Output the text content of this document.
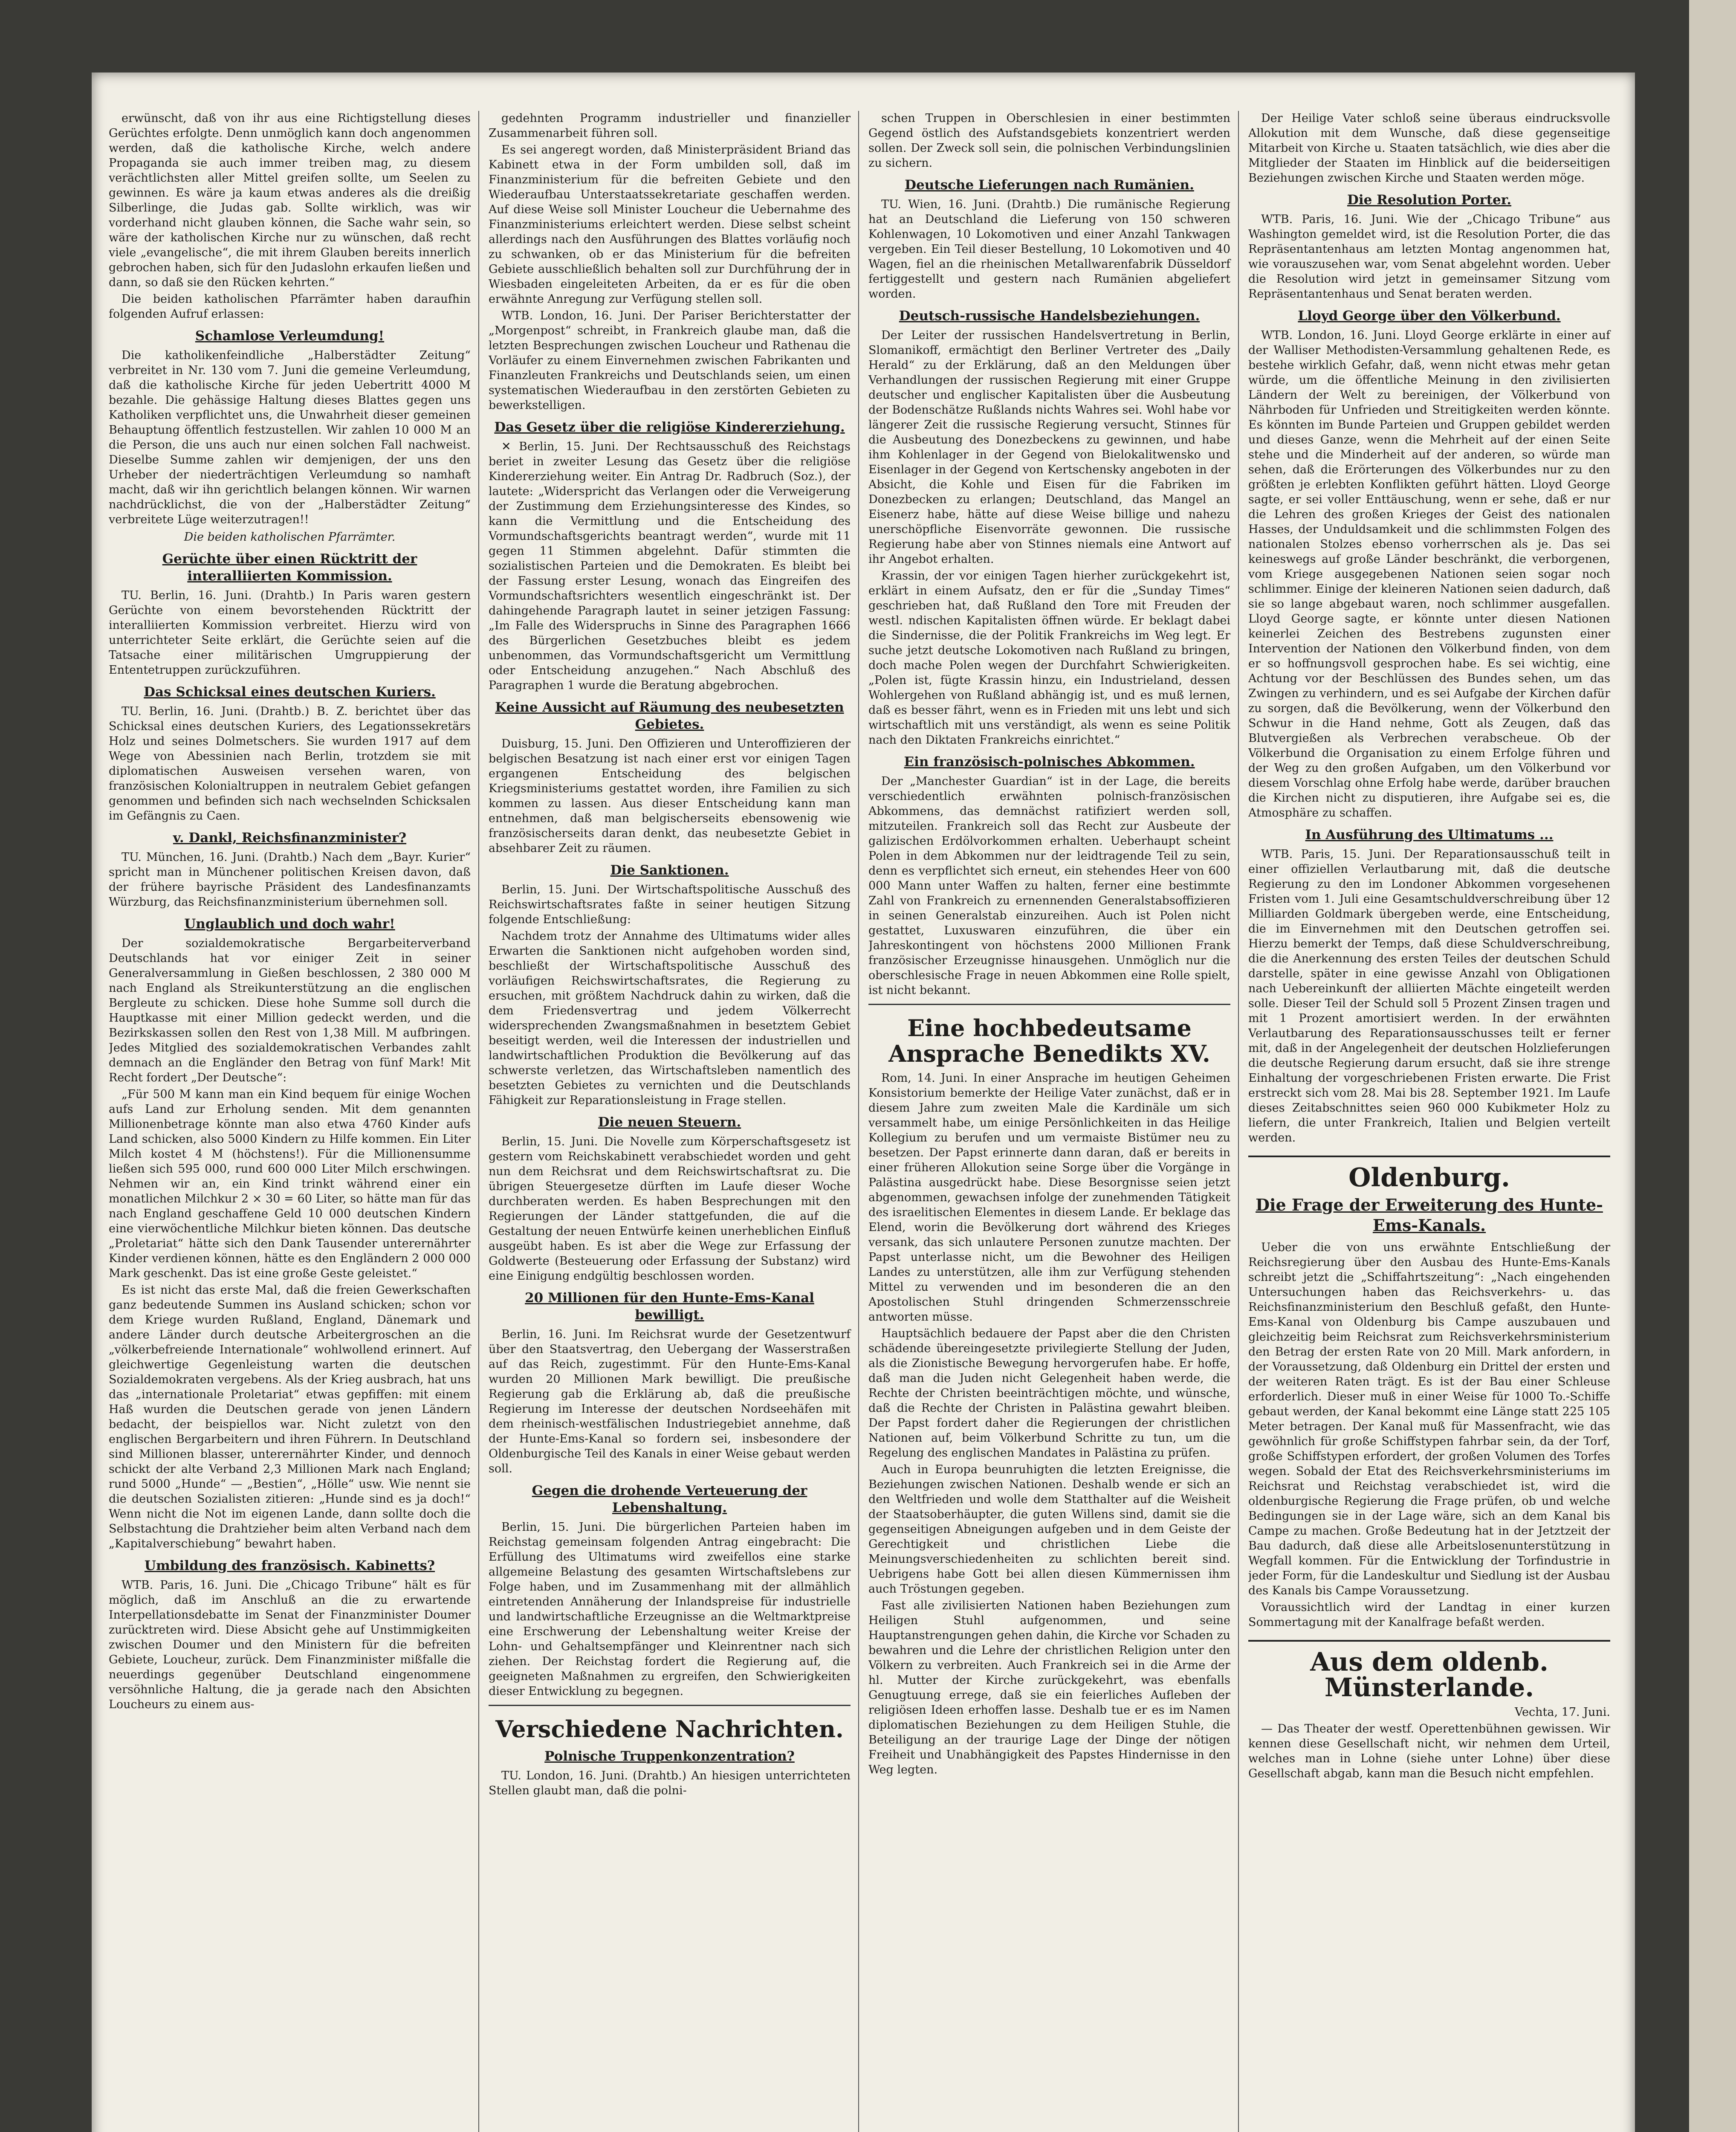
erwünscht, daß von ihr aus eine Richtigstellung dieses Gerüchtes erfolgte. Denn unmöglich kann doch angenommen werden, daß die katholische Kirche, welch andere Propaganda sie auch immer treiben mag, zu diesem verächtlichsten aller Mittel greifen sollte, um Seelen zu gewinnen. Es wäre ja kaum etwas anderes als die dreißig Silberlinge, die Judas gab. Sollte wirklich, was wir vorderhand nicht glauben können, die Sache wahr sein, so wäre der katholischen Kirche nur zu wünschen, daß recht viele „evangelische“, die mit ihrem Glauben bereits innerlich gebrochen haben, sich für den Judaslohn erkaufen ließen und dann, so daß sie den Rücken kehrten.“

Die beiden katholischen Pfarrämter haben daraufhin folgenden Aufruf erlassen:

Schamlose Verleumdung!

Die katholikenfeindliche „Halberstädter Zeitung“ verbreitet in Nr. 130 vom 7. Juni die gemeine Verleumdung, daß die katholische Kirche für jeden Uebertritt 4000 M bezahle. Die gehässige Haltung dieses Blattes gegen uns Katholiken verpflichtet uns, die Unwahrheit dieser gemeinen Behauptung öffentlich festzustellen. Wir zahlen 10 000 M an die Person, die uns auch nur einen solchen Fall nachweist. Dieselbe Summe zahlen wir demjenigen, der uns den Urheber der niederträchtigen Verleumdung so namhaft macht, daß wir ihn gerichtlich belangen können. Wir warnen nachdrücklichst, die von der „Halberstädter Zeitung“ verbreitete Lüge weiterzutragen!!

Die beiden katholischen Pfarrämter.
Gerüchte über einen Rücktritt der interalliierten Kommission.

TU. Berlin, 16. Juni. (Drahtb.) In Paris waren gestern Gerüchte von einem bevorstehenden Rücktritt der interalliierten Kommission verbreitet. Hierzu wird von unterrichteter Seite erklärt, die Gerüchte seien auf die Tatsache einer militärischen Umgruppierung der Ententetruppen zurückzuführen.

Das Schicksal eines deutschen Kuriers.

TU. Berlin, 16. Juni. (Drahtb.) B. Z. berichtet über das Schicksal eines deutschen Kuriers, des Legationssekretärs Holz und seines Dolmetschers. Sie wurden 1917 auf dem Wege von Abessinien nach Berlin, trotzdem sie mit diplomatischen Ausweisen versehen waren, von französischen Kolonialtruppen in neutralem Gebiet gefangen genommen und befinden sich nach wechselnden Schicksalen im Gefängnis zu Caen.

v. Dankl, Reichsfinanzminister?

TU. München, 16. Juni. (Drahtb.) Nach dem „Bayr. Kurier“ spricht man in Münchener politischen Kreisen davon, daß der frühere bayrische Präsident des Landesfinanzamts Würzburg, das Reichsfinanzministerium übernehmen soll.

Unglaublich und doch wahr!

Der sozialdemokratische Bergarbeiterverband Deutschlands hat vor einiger Zeit in seiner Generalversammlung in Gießen beschlossen, 2 380 000 M nach England als Streikunterstützung an die englischen Bergleute zu schicken. Diese hohe Summe soll durch die Hauptkasse mit einer Million gedeckt werden, und die Bezirkskassen sollen den Rest von 1,38 Mill. M aufbringen. Jedes Mitglied des sozialdemokratischen Verbandes zahlt demnach an die Engländer den Betrag von fünf Mark! Mit Recht fordert „Der Deutsche“:

„Für 500 M kann man ein Kind bequem für einige Wochen aufs Land zur Erholung senden. Mit dem genannten Millionenbetrage könnte man also etwa 4760 Kinder aufs Land schicken, also 5000 Kindern zu Hilfe kommen. Ein Liter Milch kostet 4 M (höchstens!). Für die Millionensumme ließen sich 595 000, rund 600 000 Liter Milch erschwingen. Nehmen wir an, ein Kind trinkt während einer ein monatlichen Milchkur 2 × 30 = 60 Liter, so hätte man für das nach England geschaffene Geld 10 000 deutschen Kindern eine vierwöchentliche Milchkur bieten können. Das deutsche „Proletariat“ hätte sich den Dank Tausender unterernährter Kinder verdienen können, hätte es den Engländern 2 000 000 Mark geschenkt. Das ist eine große Geste geleistet.“

Es ist nicht das erste Mal, daß die freien Gewerkschaften ganz bedeutende Summen ins Ausland schicken; schon vor dem Kriege wurden Rußland, England, Dänemark und andere Länder durch deutsche Arbeitergroschen an die „völkerbefreiende Internationale“ wohlwollend erinnert. Auf gleichwertige Gegenleistung warten die deutschen Sozialdemokraten vergebens. Als der Krieg ausbrach, hat uns das „internationale Proletariat“ etwas gepfiffen: mit einem Haß wurden die Deutschen gerade von jenen Ländern bedacht, der beispiellos war. Nicht zuletzt von den englischen Bergarbeitern und ihren Führern. In Deutschland sind Millionen blasser, unterernährter Kinder, und dennoch schickt der alte Verband 2,3 Millionen Mark nach England; rund 5000 „Hunde“ — „Bestien“, „Hölle“ usw. Wie nennt sie die deutschen Sozialisten zitieren: „Hunde sind es ja doch!“ Wenn nicht die Not im eigenen Lande, dann sollte doch die Selbstachtung die Drahtzieher beim alten Verband nach dem „Kapitalverschiebung“ bewahrt haben.

Umbildung des französisch. Kabinetts?

WTB. Paris, 16. Juni. Die „Chicago Tribune“ hält es für möglich, daß im Anschluß an die zu erwartende Interpellationsdebatte im Senat der Finanzminister Doumer zurücktreten wird. Diese Absicht gehe auf Unstimmigkeiten zwischen Doumer und den Ministern für die befreiten Gebiete, Loucheur, zurück. Dem Finanzminister mißfalle die neuerdings gegenüber Deutschland eingenommene versöhnliche Haltung, die ja gerade nach den Absichten Loucheurs zu einem aus-

gedehnten Programm industrieller und finanzieller Zusammenarbeit führen soll.

Es sei angeregt worden, daß Ministerpräsident Briand das Kabinett etwa in der Form umbilden soll, daß im Finanzministerium für die befreiten Gebiete und den Wiederaufbau Unterstaatssekretariate geschaffen werden. Auf diese Weise soll Minister Loucheur die Uebernahme des Finanzministeriums erleichtert werden. Diese selbst scheint allerdings nach den Ausführungen des Blattes vorläufig noch zu schwanken, ob er das Ministerium für die befreiten Gebiete ausschließlich behalten soll zur Durchführung der in Wiesbaden eingeleiteten Arbeiten, da er es für die oben erwähnte Anregung zur Verfügung stellen soll.

WTB. London, 16. Juni. Der Pariser Berichterstatter der „Morgenpost“ schreibt, in Frankreich glaube man, daß die letzten Besprechungen zwischen Loucheur und Rathenau die Vorläufer zu einem Einvernehmen zwischen Fabrikanten und Finanzleuten Frankreichs und Deutschlands seien, um einen systematischen Wiederaufbau in den zerstörten Gebieten zu bewerkstelligen.

Das Gesetz über die religiöse Kindererziehung.

✕ Berlin, 15. Juni. Der Rechtsausschuß des Reichstags beriet in zweiter Lesung das Gesetz über die religiöse Kindererziehung weiter. Ein Antrag Dr. Radbruch (Soz.), der lautete: „Widerspricht das Verlangen oder die Verweigerung der Zustimmung dem Erziehungsinteresse des Kindes, so kann die Vermittlung und die Entscheidung des Vormundschaftsgerichts beantragt werden“, wurde mit 11 gegen 11 Stimmen abgelehnt. Dafür stimmten die sozialistischen Parteien und die Demokraten. Es bleibt bei der Fassung erster Lesung, wonach das Eingreifen des Vormundschaftsrichters wesentlich eingeschränkt ist. Der dahingehende Paragraph lautet in seiner jetzigen Fassung: „Im Falle des Widerspruchs in Sinne des Paragraphen 1666 des Bürgerlichen Gesetzbuches bleibt es jedem unbenommen, das Vormundschaftsgericht um Vermittlung oder Entscheidung anzugehen.“ Nach Abschluß des Paragraphen 1 wurde die Beratung abgebrochen.

Keine Aussicht auf Räumung des neubesetzten Gebietes.

Duisburg, 15. Juni. Den Offizieren und Unteroffizieren der belgischen Besatzung ist nach einer erst vor einigen Tagen ergangenen Entscheidung des belgischen Kriegsministeriums gestattet worden, ihre Familien zu sich kommen zu lassen. Aus dieser Entscheidung kann man entnehmen, daß man belgischerseits ebensowenig wie französischerseits daran denkt, das neubesetzte Gebiet in absehbarer Zeit zu räumen.

Die Sanktionen.

Berlin, 15. Juni. Der Wirtschaftspolitische Ausschuß des Reichswirtschaftsrates faßte in seiner heutigen Sitzung folgende Entschließung:

Nachdem trotz der Annahme des Ultimatums wider alles Erwarten die Sanktionen nicht aufgehoben worden sind, beschließt der Wirtschaftspolitische Ausschuß des vorläufigen Reichswirtschaftsrates, die Regierung zu ersuchen, mit größtem Nachdruck dahin zu wirken, daß die dem Friedensvertrag und jedem Völkerrecht widersprechenden Zwangsmaßnahmen in besetztem Gebiet beseitigt werden, weil die Interessen der industriellen und landwirtschaftlichen Produktion die Bevölkerung auf das schwerste verletzen, das Wirtschaftsleben namentlich des besetzten Gebietes zu vernichten und die Deutschlands Fähigkeit zur Reparationsleistung in Frage stellen.

Die neuen Steuern.

Berlin, 15. Juni. Die Novelle zum Körperschaftsgesetz ist gestern vom Reichskabinett verabschiedet worden und geht nun dem Reichsrat und dem Reichswirtschaftsrat zu. Die übrigen Steuergesetze dürften im Laufe dieser Woche durchberaten werden. Es haben Besprechungen mit den Regierungen der Länder stattgefunden, die auf die Gestaltung der neuen Entwürfe keinen unerheblichen Einfluß ausgeübt haben. Es ist aber die Wege zur Erfassung der Goldwerte (Besteuerung oder Erfassung der Substanz) wird eine Einigung endgültig beschlossen worden.

20 Millionen für den Hunte-Ems-Kanal bewilligt.

Berlin, 16. Juni. Im Reichsrat wurde der Gesetzentwurf über den Staatsvertrag, den Uebergang der Wasserstraßen auf das Reich, zugestimmt. Für den Hunte-Ems-Kanal wurden 20 Millionen Mark bewilligt. Die preußische Regierung gab die Erklärung ab, daß die preußische Regierung im Interesse der deutschen Nordseehäfen mit dem rheinisch-westfälischen Industriegebiet annehme, daß der Hunte-Ems-Kanal so fordern sei, insbesondere der Oldenburgische Teil des Kanals in einer Weise gebaut werden soll.

Gegen die drohende Verteuerung der Lebenshaltung.

Berlin, 15. Juni. Die bürgerlichen Parteien haben im Reichstag gemeinsam folgenden Antrag eingebracht: Die Erfüllung des Ultimatums wird zweifellos eine starke allgemeine Belastung des gesamten Wirtschaftslebens zur Folge haben, und im Zusammenhang mit der allmählich eintretenden Annäherung der Inlandspreise für industrielle und landwirtschaftliche Erzeugnisse an die Weltmarktpreise eine Erschwerung der Lebenshaltung weiter Kreise der Lohn- und Gehaltsempfänger und Kleinrentner nach sich ziehen. Der Reichstag fordert die Regierung auf, die geeigneten Maßnahmen zu ergreifen, den Schwierigkeiten dieser Entwicklung zu begegnen.

Verschiedene Nachrichten.
Polnische Truppenkonzentration?

TU. London, 16. Juni. (Drahtb.) An hiesigen unterrichteten Stellen glaubt man, daß die polni-

schen Truppen in Oberschlesien in einer bestimmten Gegend östlich des Aufstandsgebiets konzentriert werden sollen. Der Zweck soll sein, die polnischen Verbindungslinien zu sichern.

Deutsche Lieferungen nach Rumänien.

TU. Wien, 16. Juni. (Drahtb.) Die rumänische Regierung hat an Deutschland die Lieferung von 150 schweren Kohlenwagen, 10 Lokomotiven und einer Anzahl Tankwagen vergeben. Ein Teil dieser Bestellung, 10 Lokomotiven und 40 Wagen, fiel an die rheinischen Metallwarenfabrik Düsseldorf fertiggestellt und gestern nach Rumänien abgeliefert worden.

Deutsch-russische Handelsbeziehungen.

Der Leiter der russischen Handelsvertretung in Berlin, Slomanikoff, ermächtigt den Berliner Vertreter des „Daily Herald“ zu der Erklärung, daß an den Meldungen über Verhandlungen der russischen Regierung mit einer Gruppe deutscher und englischer Kapitalisten über die Ausbeutung der Bodenschätze Rußlands nichts Wahres sei. Wohl habe vor längerer Zeit die russische Regierung versucht, Stinnes für die Ausbeutung des Donezbeckens zu gewinnen, und habe ihm Kohlenlager in der Gegend von Bielokalitwensko und Eisenlager in der Gegend von Kertschensky angeboten in der Absicht, die Kohle und Eisen für die Fabriken im Donezbecken zu erlangen; Deutschland, das Mangel an Eisenerz habe, hätte auf diese Weise billige und nahezu unerschöpfliche Eisenvorräte gewonnen. Die russische Regierung habe aber von Stinnes niemals eine Antwort auf ihr Angebot erhalten.

Krassin, der vor einigen Tagen hierher zurückgekehrt ist, erklärt in einem Aufsatz, den er für die „Sunday Times“ geschrieben hat, daß Rußland den Tore mit Freuden der westl. ndischen Kapitalisten öffnen würde. Er beklagt dabei die Sindernisse, die der Politik Frankreichs im Weg legt. Er suche jetzt deutsche Lokomotiven nach Rußland zu bringen, doch mache Polen wegen der Durchfahrt Schwierigkeiten. „Polen ist, fügte Krassin hinzu, ein Industrieland, dessen Wohlergehen von Rußland abhängig ist, und es muß lernen, daß es besser fährt, wenn es in Frieden mit uns lebt und sich wirtschaftlich mit uns verständigt, als wenn es seine Politik nach den Diktaten Frankreichs einrichtet.“

Ein französisch-polnisches Abkommen.

Der „Manchester Guardian“ ist in der Lage, die bereits verschiedentlich erwähnten polnisch-französischen Abkommens, das demnächst ratifiziert werden soll, mitzuteilen. Frankreich soll das Recht zur Ausbeute der galizischen Erdölvorkommen erhalten. Ueberhaupt scheint Polen in dem Abkommen nur der leidtragende Teil zu sein, denn es verpflichtet sich erneut, ein stehendes Heer von 600 000 Mann unter Waffen zu halten, ferner eine bestimmte Zahl von Frankreich zu ernennenden Generalstabsoffizieren in seinen Generalstab einzureihen. Auch ist Polen nicht gestattet, Luxuswaren einzuführen, die über ein Jahreskontingent von höchstens 2000 Millionen Frank französischer Erzeugnisse hinausgehen. Unmöglich nur die oberschlesische Frage in neuen Abkommen eine Rolle spielt, ist nicht bekannt.

Eine hochbedeutsame Ansprache Benedikts XV.

Rom, 14. Juni. In einer Ansprache im heutigen Geheimen Konsistorium bemerkte der Heilige Vater zunächst, daß er in diesem Jahre zum zweiten Male die Kardinäle um sich versammelt habe, um einige Persönlichkeiten in das Heilige Kollegium zu berufen und um vermaiste Bistümer neu zu besetzen. Der Papst erinnerte dann daran, daß er bereits in einer früheren Allokution seine Sorge über die Vorgänge in Palästina ausgedrückt habe. Diese Besorgnisse seien jetzt abgenommen, gewachsen infolge der zunehmenden Tätigkeit des israelitischen Elementes in diesem Lande. Er beklage das Elend, worin die Bevölkerung dort während des Krieges versank, das sich unlautere Personen zunutze machten. Der Papst unterlasse nicht, um die Bewohner des Heiligen Landes zu unterstützen, alle ihm zur Verfügung stehenden Mittel zu verwenden und im besonderen die an den Apostolischen Stuhl dringenden Schmerzensschreie antworten müsse.

Hauptsächlich bedauere der Papst aber die den Christen schädende übereingesetzte privilegierte Stellung der Juden, als die Zionistische Bewegung hervorgerufen habe. Er hoffe, daß man die Juden nicht Gelegenheit haben werde, die Rechte der Christen beeinträchtigen möchte, und wünsche, daß die Rechte der Christen in Palästina gewahrt bleiben. Der Papst fordert daher die Regierungen der christlichen Nationen auf, beim Völkerbund Schritte zu tun, um die Regelung des englischen Mandates in Palästina zu prüfen.

Auch in Europa beunruhigten die letzten Ereignisse, die Beziehungen zwischen Nationen. Deshalb wende er sich an den Weltfrieden und wolle dem Statthalter auf die Weisheit der Staatsoberhäupter, die guten Willens sind, damit sie die gegenseitigen Abneigungen aufgeben und in dem Geiste der Gerechtigkeit und christlichen Liebe die Meinungsverschiedenheiten zu schlichten bereit sind. Uebrigens habe Gott bei allen diesen Kümmernissen ihm auch Tröstungen gegeben.

Fast alle zivilisierten Nationen haben Beziehungen zum Heiligen Stuhl aufgenommen, und seine Hauptanstrengungen gehen dahin, die Kirche vor Schaden zu bewahren und die Lehre der christlichen Religion unter den Völkern zu verbreiten. Auch Frankreich sei in die Arme der hl. Mutter der Kirche zurückgekehrt, was ebenfalls Genugtuung errege, daß sie ein feierliches Aufleben der religiösen Ideen erhoffen lasse. Deshalb tue er es im Namen diplomatischen Beziehungen zu dem Heiligen Stuhle, die Beteiligung an der traurige Lage der Dinge der nötigen Freiheit und Unabhängigkeit des Papstes Hindernisse in den Weg legten.

Der Heilige Vater schloß seine überaus eindrucksvolle Allokution mit dem Wunsche, daß diese gegenseitige Mitarbeit von Kirche u. Staaten tatsächlich, wie dies aber die Mitglieder der Staaten im Hinblick auf die beiderseitigen Beziehungen zwischen Kirche und Staaten werden möge.

Die Resolution Porter.

WTB. Paris, 16. Juni. Wie der „Chicago Tribune“ aus Washington gemeldet wird, ist die Resolution Porter, die das Repräsentantenhaus am letzten Montag angenommen hat, wie vorauszusehen war, vom Senat abgelehnt worden. Ueber die Resolution wird jetzt in gemeinsamer Sitzung vom Repräsentantenhaus und Senat beraten werden.

Lloyd George über den Völkerbund.

WTB. London, 16. Juni. Lloyd George erklärte in einer auf der Walliser Methodisten-Versammlung gehaltenen Rede, es bestehe wirklich Gefahr, daß, wenn nicht etwas mehr getan würde, um die öffentliche Meinung in den zivilisierten Ländern der Welt zu bereinigen, der Völkerbund von Nährboden für Unfrieden und Streitigkeiten werden könnte. Es könnten im Bunde Parteien und Gruppen gebildet werden und dieses Ganze, wenn die Mehrheit auf der einen Seite stehe und die Minderheit auf der anderen, so würde man sehen, daß die Erörterungen des Völkerbundes nur zu den größten je erlebten Konflikten geführt hätten. Lloyd George sagte, er sei voller Enttäuschung, wenn er sehe, daß er nur die Lehren des großen Krieges der Geist des nationalen Hasses, der Unduldsamkeit und die schlimmsten Folgen des nationalen Stolzes ebenso vorherrschen als je. Das sei keineswegs auf große Länder beschränkt, die verborgenen, vom Kriege ausgegebenen Nationen seien sogar noch schlimmer. Einige der kleineren Nationen seien dadurch, daß sie so lange abgebaut waren, noch schlimmer ausgefallen. Lloyd George sagte, er könnte unter diesen Nationen keinerlei Zeichen des Bestrebens zugunsten einer Intervention der Nationen den Völkerbund finden, von dem er so hoffnungsvoll gesprochen habe. Es sei wichtig, eine Achtung vor der Beschlüssen des Bundes sehen, um das Zwingen zu verhindern, und es sei Aufgabe der Kirchen dafür zu sorgen, daß die Bevölkerung, wenn der Völkerbund den Schwur in die Hand nehme, Gott als Zeugen, daß das Blutvergießen als Verbrechen verabscheue. Ob der Völkerbund die Organisation zu einem Erfolge führen und der Weg zu den großen Aufgaben, um den Völkerbund vor diesem Vorschlag ohne Erfolg habe werde, darüber brauchen die Kirchen nicht zu disputieren, ihre Aufgabe sei es, die Atmosphäre zu schaffen.

In Ausführung des Ultimatums ...

WTB. Paris, 15. Juni. Der Reparationsausschuß teilt in einer offiziellen Verlautbarung mit, daß die deutsche Regierung zu den im Londoner Abkommen vorgesehenen Fristen vom 1. Juli eine Gesamtschuldverschreibung über 12 Milliarden Goldmark übergeben werde, eine Entscheidung, die im Einvernehmen mit den Deutschen getroffen sei. Hierzu bemerkt der Temps, daß diese Schuldverschreibung, die die Anerkennung des ersten Teiles der deutschen Schuld darstelle, später in eine gewisse Anzahl von Obligationen nach Uebereinkunft der alliierten Mächte eingeteilt werden solle. Dieser Teil der Schuld soll 5 Prozent Zinsen tragen und mit 1 Prozent amortisiert werden. In der erwähnten Verlautbarung des Reparationsausschusses teilt er ferner mit, daß in der Angelegenheit der deutschen Holzlieferungen die deutsche Regierung darum ersucht, daß sie ihre strenge Einhaltung der vorgeschriebenen Fristen erwarte. Die Frist erstreckt sich vom 28. Mai bis 28. September 1921. Im Laufe dieses Zeitabschnittes seien 960 000 Kubikmeter Holz zu liefern, die unter Frankreich, Italien und Belgien verteilt werden.

Oldenburg.
Die Frage der Erweiterung des Hunte-Ems-Kanals.

Ueber die von uns erwähnte Entschließung der Reichsregierung über den Ausbau des Hunte-Ems-Kanals schreibt jetzt die „Schiffahrtszeitung“: „Nach eingehenden Untersuchungen haben das Reichsverkehrs- u. das Reichsfinanzministerium den Beschluß gefaßt, den Hunte-Ems-Kanal von Oldenburg bis Campe auszubauen und gleichzeitig beim Reichsrat zum Reichsverkehrsministerium den Betrag der ersten Rate von 20 Mill. Mark anfordern, in der Voraussetzung, daß Oldenburg ein Drittel der ersten und der weiteren Raten trägt. Es ist der Bau einer Schleuse erforderlich. Dieser muß in einer Weise für 1000 To.-Schiffe gebaut werden, der Kanal bekommt eine Länge statt 225 105 Meter betragen. Der Kanal muß für Massenfracht, wie das gewöhnlich für große Schiffstypen fahrbar sein, da der Torf, große Schiffstypen erfordert, der großen Volumen des Torfes wegen. Sobald der Etat des Reichsverkehrsministeriums im Reichsrat und Reichstag verabschiedet ist, wird die oldenburgische Regierung die Frage prüfen, ob und welche Bedingungen sie in der Lage wäre, sich an dem Kanal bis Campe zu machen. Große Bedeutung hat in der Jetztzeit der Bau dadurch, daß diese alle Arbeitslosenunterstützung in Wegfall kommen. Für die Entwicklung der Torfindustrie in jeder Form, für die Landeskultur und Siedlung ist der Ausbau des Kanals bis Campe Voraussetzung.

Voraussichtlich wird der Landtag in einer kurzen Sommertagung mit der Kanalfrage befaßt werden.

Aus dem oldenb. Münsterlande.

Vechta, 17. Juni.

— Das Theater der westf. Operettenbühnen gewissen. Wir kennen diese Gesellschaft nicht, wir nehmen dem Urteil, welches man in Lohne (siehe unter Lohne) über diese Gesellschaft abgab, kann man die Besuch nicht empfehlen.
